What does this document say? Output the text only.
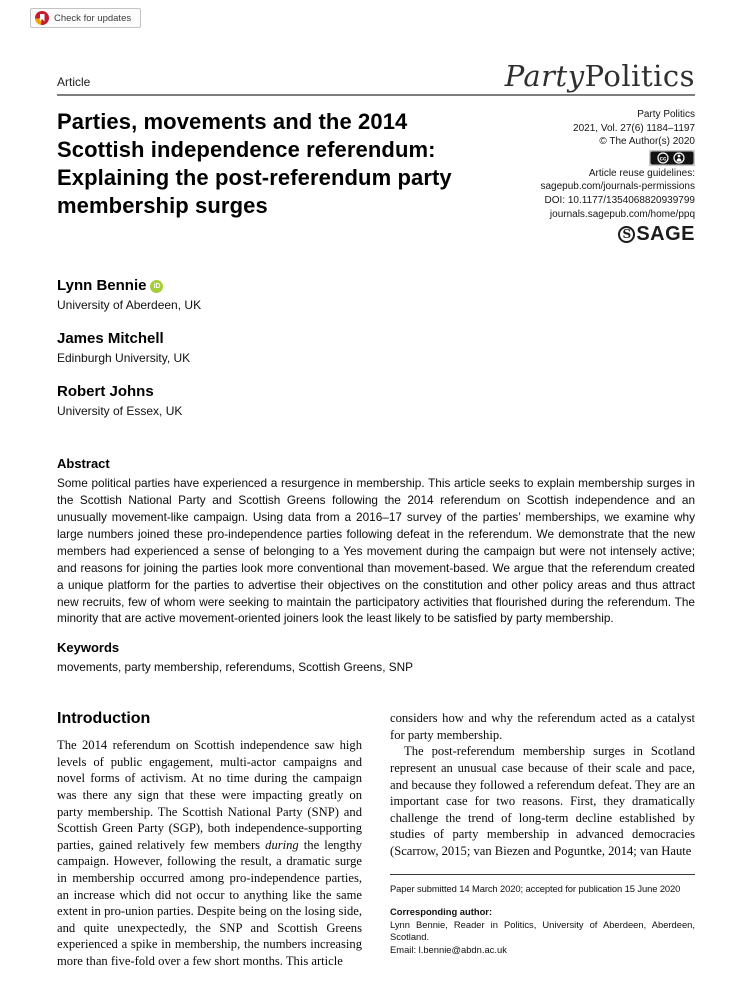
Check for updates
Article	PartyPolitics
Parties, movements and the 2014 Scottish independence referendum: Explaining the post-referendum party membership surges
Party Politics
2021, Vol. 27(6) 1184–1197
© The Author(s) 2020
cc
Article reuse guidelines:
sagepub.com/journals-permissions
DOI: 10.1177/1354068820939799
journals.sagepub.com/home/ppq
S SAGE
Lynn Bennie	iD
University of Aberdeen, UK
James Mitchell
Edinburgh University, UK
Robert Johns
University of Essex, UK
Abstract
Some political parties have experienced a resurgence in membership. This article seeks to explain membership surges in the Scottish National Party and Scottish Greens following the 2014 referendum on Scottish independence and an unusually movement-like campaign. Using data from a 2016–17 survey of the parties’ memberships, we examine why large numbers joined these pro-independence parties following defeat in the referendum. We demonstrate that the new members had experienced a sense of belonging to a Yes movement during the campaign but were not intensely active; and reasons for joining the parties look more conventional than movement-based. We argue that the referendum created a unique platform for the parties to advertise their objectives on the constitution and other policy areas and thus attract new recruits, few of whom were seeking to maintain the participatory activities that flourished during the referendum. The minority that are active movement-oriented joiners look the least likely to be satisfied by party membership.
Keywords
movements, party membership, referendums, Scottish Greens, SNP
Introduction
The 2014 referendum on Scottish independence saw high levels of public engagement, multi-actor campaigns and novel forms of activism. At no time during the campaign was there any sign that these were impacting greatly on party membership. The Scottish National Party (SNP) and Scottish Green Party (SGP), both independence-supporting parties, gained relatively few members during the lengthy campaign. However, following the result, a dramatic surge in membership occurred among pro-independence parties, an increase which did not occur to anything like the same extent in pro-union parties. Despite being on the losing side, and quite unexpectedly, the SNP and Scottish Greens experienced a spike in membership, the numbers increasing more than five-fold over a few short months. This article
considers how and why the referendum acted as a catalyst for party membership.
The post-referendum membership surges in Scotland represent an unusual case because of their scale and pace, and because they followed a referendum defeat. They are an important case for two reasons. First, they dramatically challenge the trend of long-term decline established by studies of party membership in advanced democracies (Scarrow, 2015; van Biezen and Poguntke, 2014; van Haute
Paper submitted 14 March 2020; accepted for publication 15 June 2020
Corresponding author:
Lynn Bennie, Reader in Politics, University of Aberdeen, Aberdeen, Scotland.
Email: l.bennie@abdn.ac.uk
